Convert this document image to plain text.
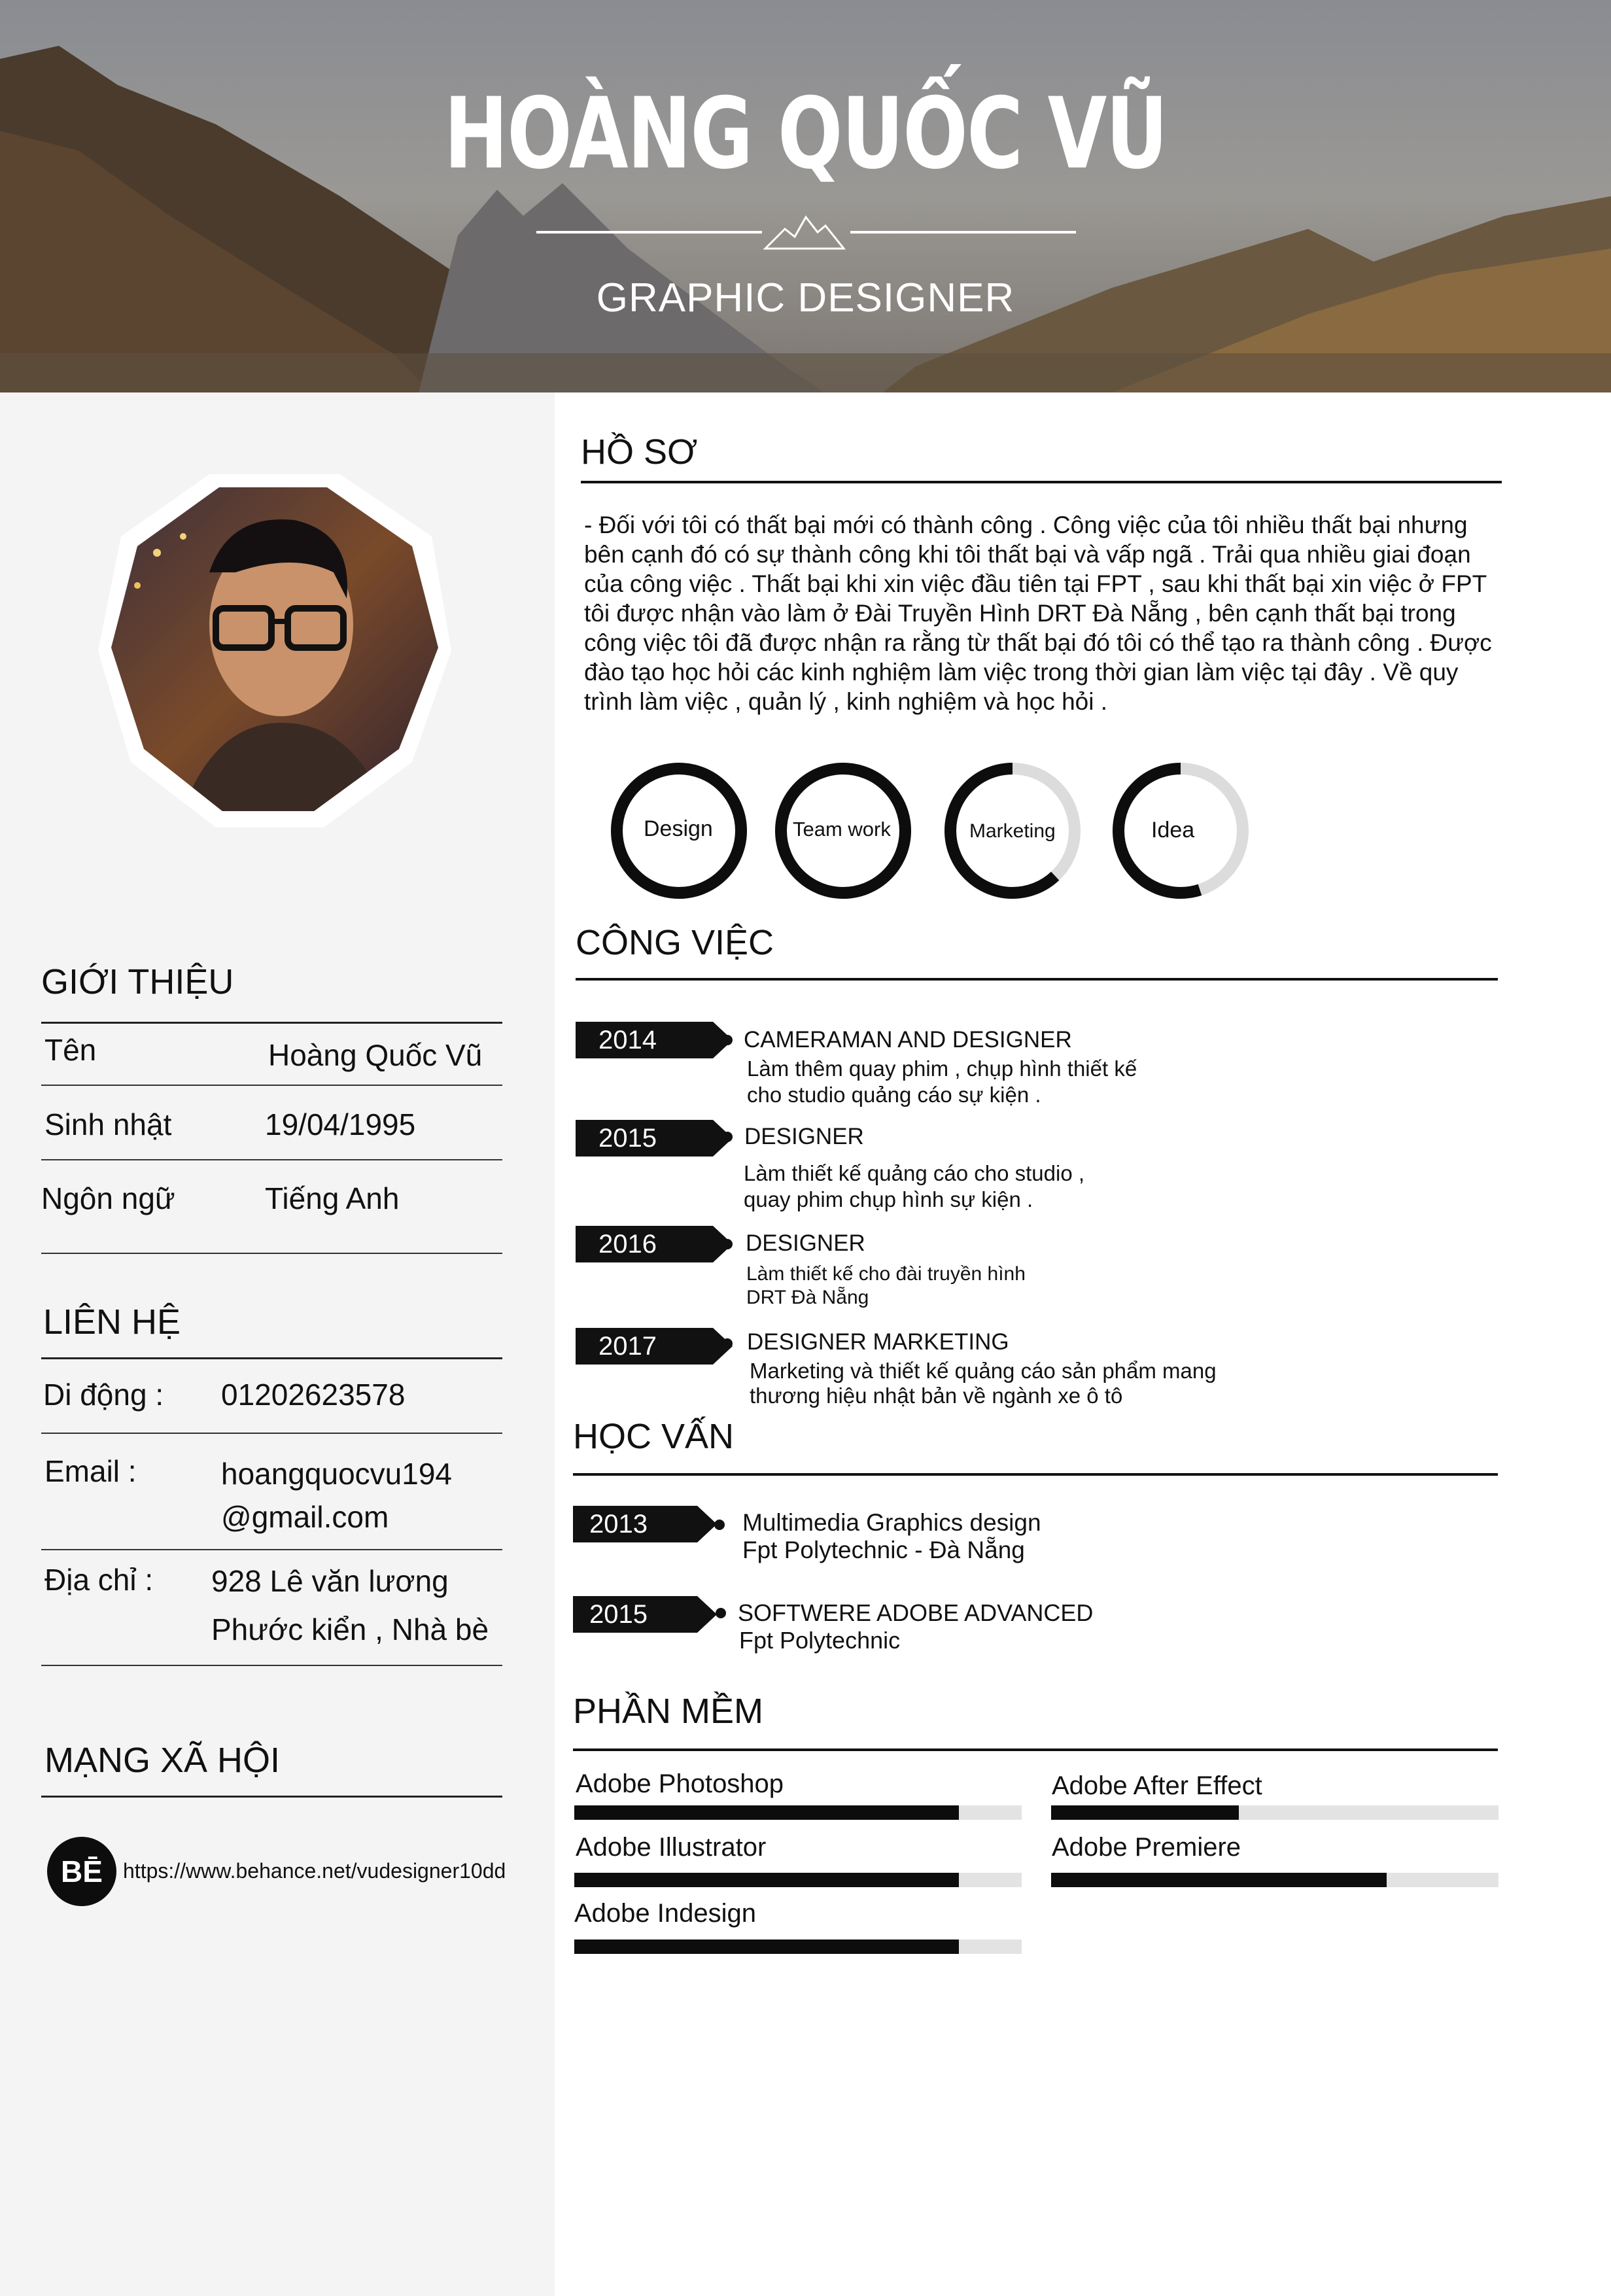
HOÀNG QUỐC VŨ
GRAPHIC DESIGNER
GIỚI THIỆU
Tên	Hoàng Quốc Vũ
Sinh nhật	19/04/1995
Ngôn ngữ	Tiếng Anh
LIÊN HỆ
Di động : 01202623578
Email :	hoangquocvu194
@gmail.com
Địa chỉ : 928 Lê văn lương
Phước kiển , Nhà bè
MẠNG XÃ HỘI
BĒ https://www.behance.net/vudesigner10dd
HỒ SƠ
- Đối với tôi có thất bại mới có thành công . Công việc của tôi nhiều thất bại nhưng bên cạnh đó có sự thành công khi tôi thất bại và vấp ngã . Trải qua nhiều giai đoạn của công việc . Thất bại khi xin việc đầu tiên tại FPT , sau khi thất bại xin việc ở FPT tôi được nhận vào làm ở Đài Truyền Hình DRT Đà Nẵng , bên cạnh thất bại trong công việc tôi đã được nhận ra rằng từ thất bại đó tôi có thể tạo ra thành công . Được đào tạo học hỏi các kinh nghiệm làm việc trong thời gian làm việc tại đây . Về quy trình làm việc , quản lý , kinh nghiệm và học hỏi .
Design	Team work	Marketing	Idea
CÔNG VIỆC
2014	CAMERAMAN AND DESIGNER
Làm thêm quay phim , chụp hình thiết kế
cho studio quảng cáo sự kiện .
2015	DESIGNER
Làm thiết kế quảng cáo cho studio ,
quay phim chụp hình sự kiện .
2016	DESIGNER
Làm thiết kế cho đài truyền hình
DRT Đà Nẵng
2017	DESIGNER MARKETING
Marketing và thiết kế quảng cáo sản phẩm mang
thương hiệu nhật bản về ngành xe ô tô
HỌC VẤN
2013	Multimedia Graphics design
Fpt Polytechnic - Đà Nẵng
2015	SOFTWERE ADOBE ADVANCED
Fpt Polytechnic
PHẦN MỀM
Adobe Photoshop	Adobe After Effect
Adobe Illustrator	Adobe Premiere
Adobe Indesign
